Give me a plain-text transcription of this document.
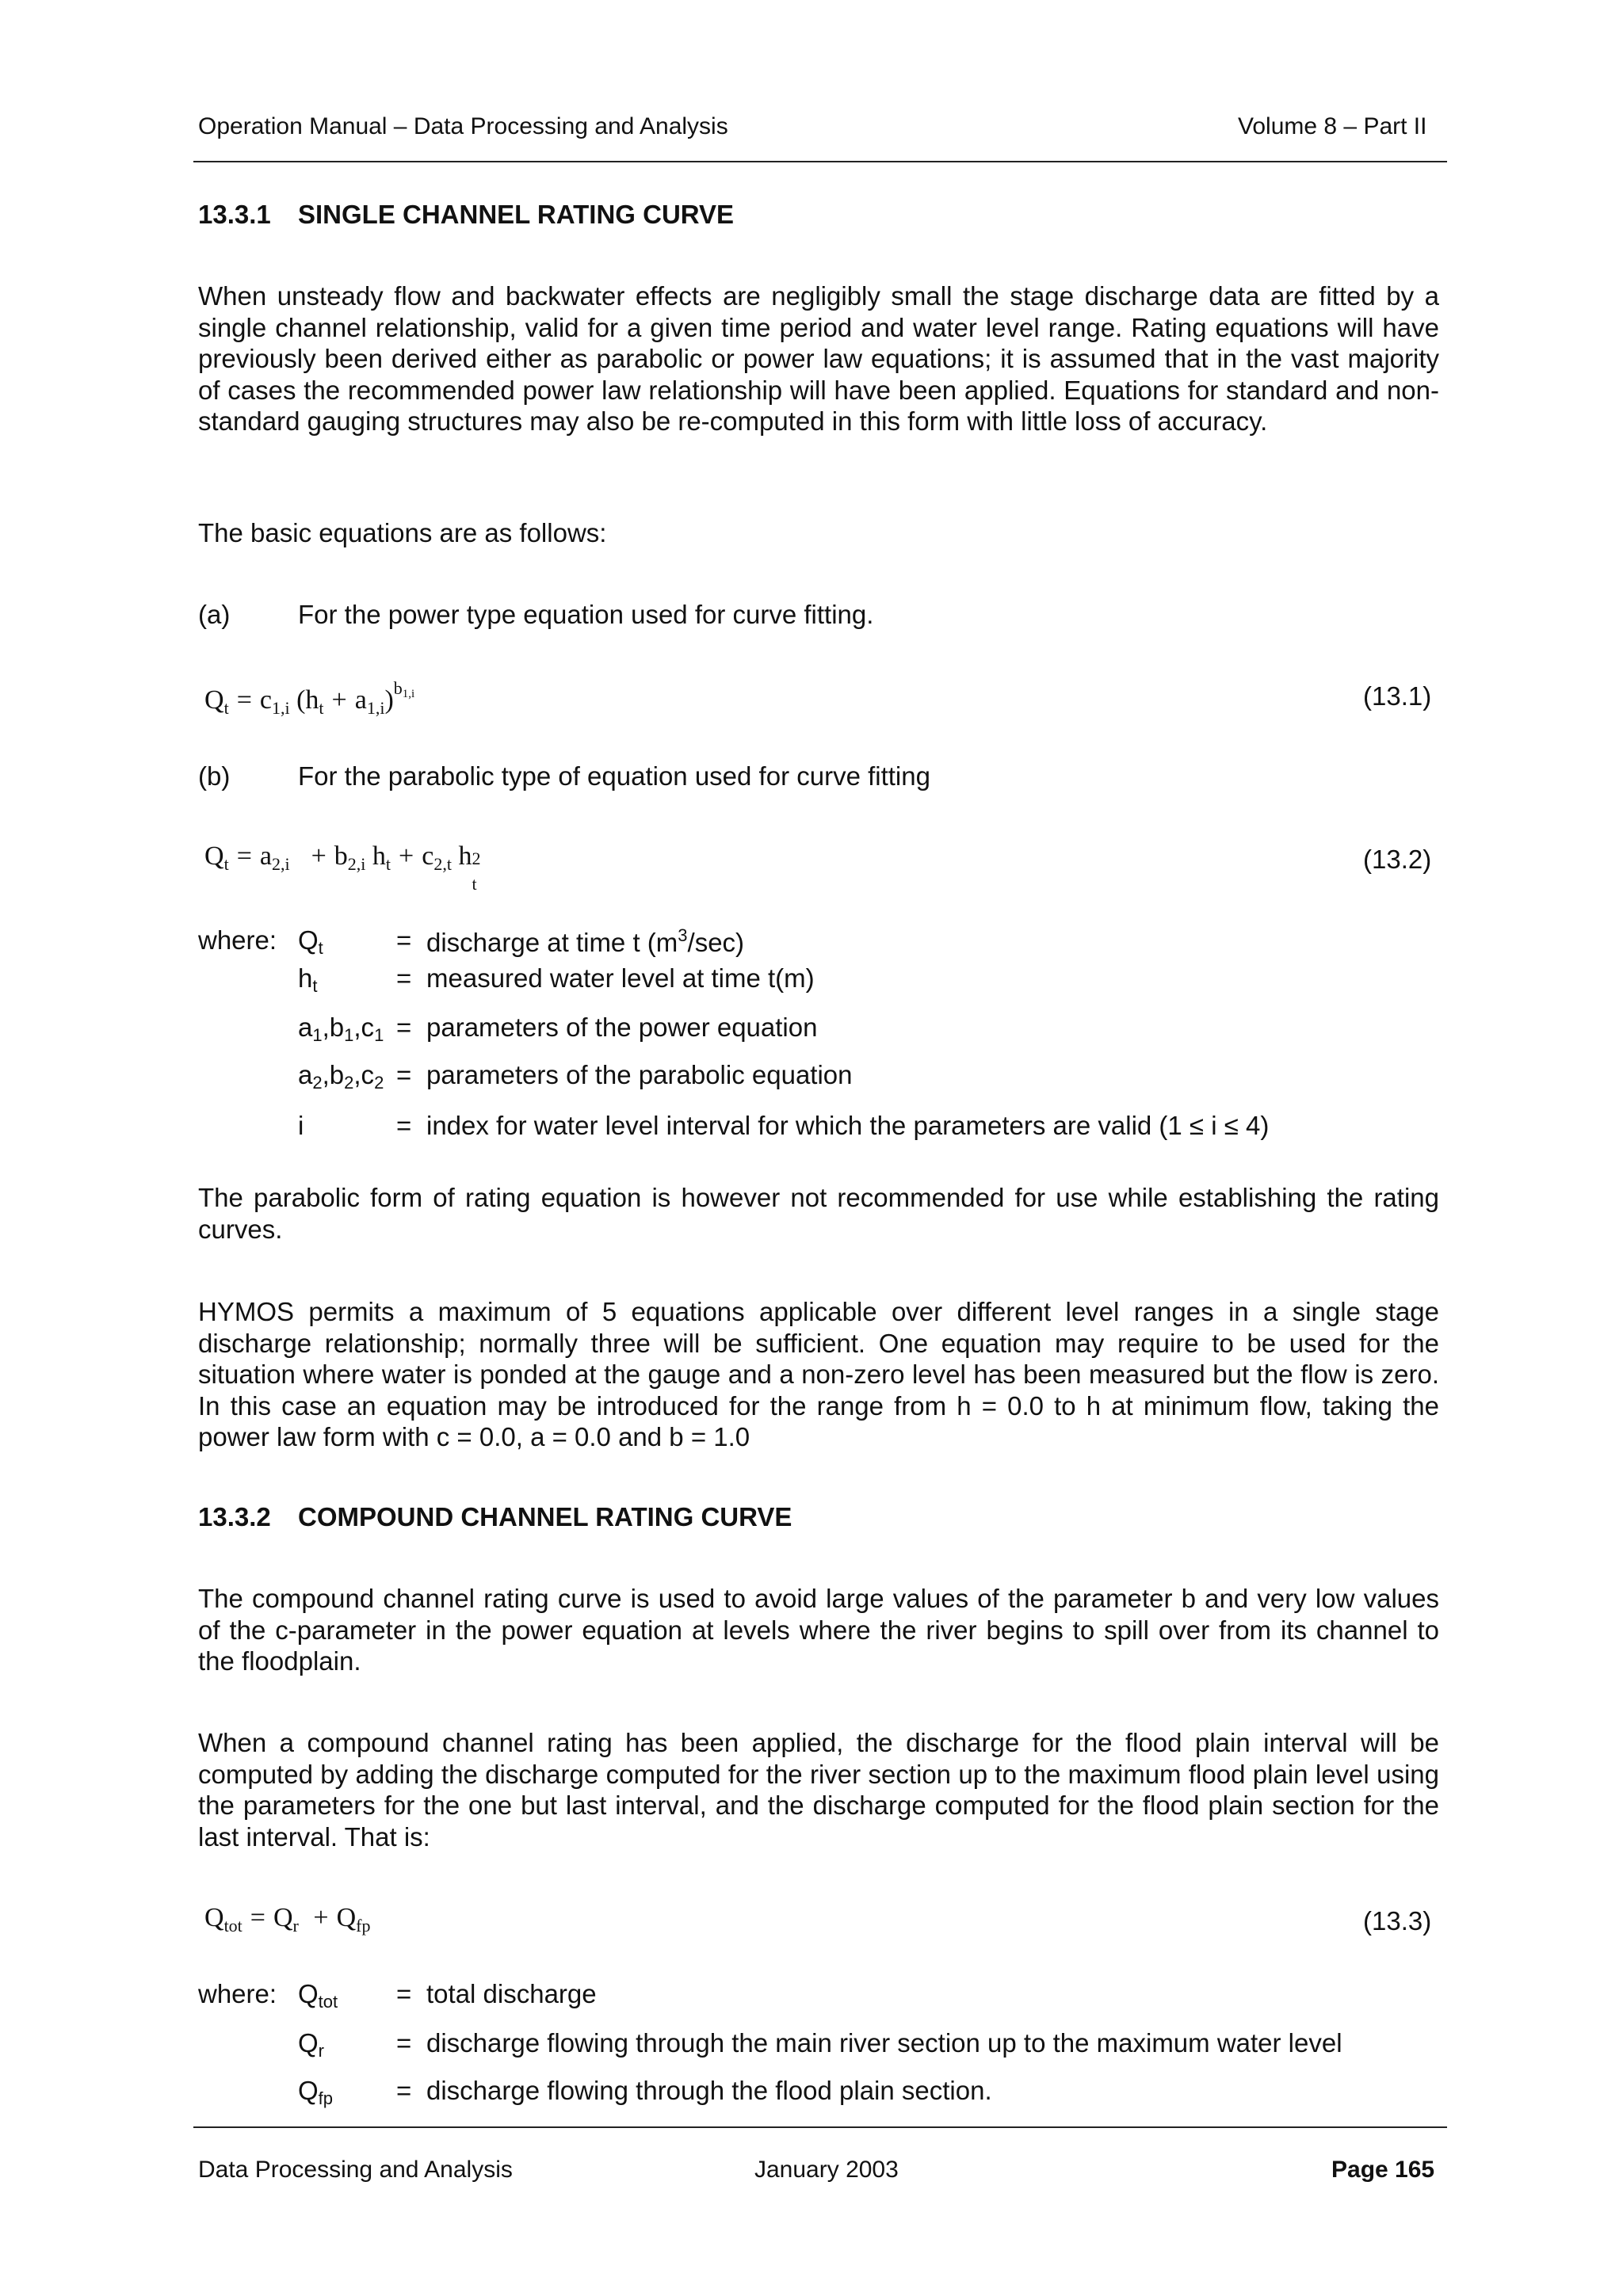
Operation Manual – Data Processing and Analysis	Volume 8 – Part II
13.3.1 SINGLE CHANNEL RATING CURVE

When unsteady flow and backwater effects are negligibly small the stage discharge data are fitted by a single channel relationship, valid for a given time period and water level range. Rating equations will have previously been derived either as parabolic or power law equations; it is assumed that in the vast majority of cases the recommended power law relationship will have been applied. Equations for standard and non-standard gauging structures may also be re-computed in this form with little loss of accuracy.

The basic equations are as follows:
(a)	For the power type equation used for curve fitting.
$Q_t = c_{1,i}$ $(h_t + a_{1,i})^{b_{1,i}}$	(13.1)
(b)	For the parabolic type of equation used for curve fitting
$Q_t = a_{2,i} + b_{2,i}$ $h_t + c_{2,t}$ h 2
t
(13.2)
where: $Q_t$	= discharge at time t $(m^3/\sec)$
$h_t$	= measured water level at time t(m)
$a_1,b_1,c_1$ = parameters of the power equation
$a_2,b_2,c_2$ = parameters of the parabolic equation
i	= index for water level interval for which the parameters are valid (1 ≤ i ≤ 4)

The parabolic form of rating equation is however not recommended for use while establishing the rating curves.

HYMOS permits a maximum of 5 equations applicable over different level ranges in a single stage discharge relationship; normally three will be sufficient. One equation may require to be used for the situation where water is ponded at the gauge and a non-zero level has been measured but the flow is zero. In this case an equation may be introduced for the range from h = 0.0 to h at minimum flow, taking the power law form with c = 0.0, a = 0.0 and b = 1.0

13.3.2 COMPOUND CHANNEL RATING CURVE

The compound channel rating curve is used to avoid large values of the parameter b and very low values of the c-parameter in the power equation at levels where the river begins to spill over from its channel to the floodplain.

When a compound channel rating has been applied, the discharge for the flood plain interval will be computed by adding the discharge computed for the river section up to the maximum flood plain level using the parameters for the one but last interval, and the discharge computed for the flood plain section for the last interval. That is:

$Q_{tot} = Q_r + Q_{fp}$	(13.3)
where: $Q_{tot}$ = total discharge
$Q_r$	= discharge flowing through the main river section up to the maximum water level
$Q_{fp}$ = discharge flowing through the flood plain section.
Data Processing and Analysis	January 2003	Page 165
